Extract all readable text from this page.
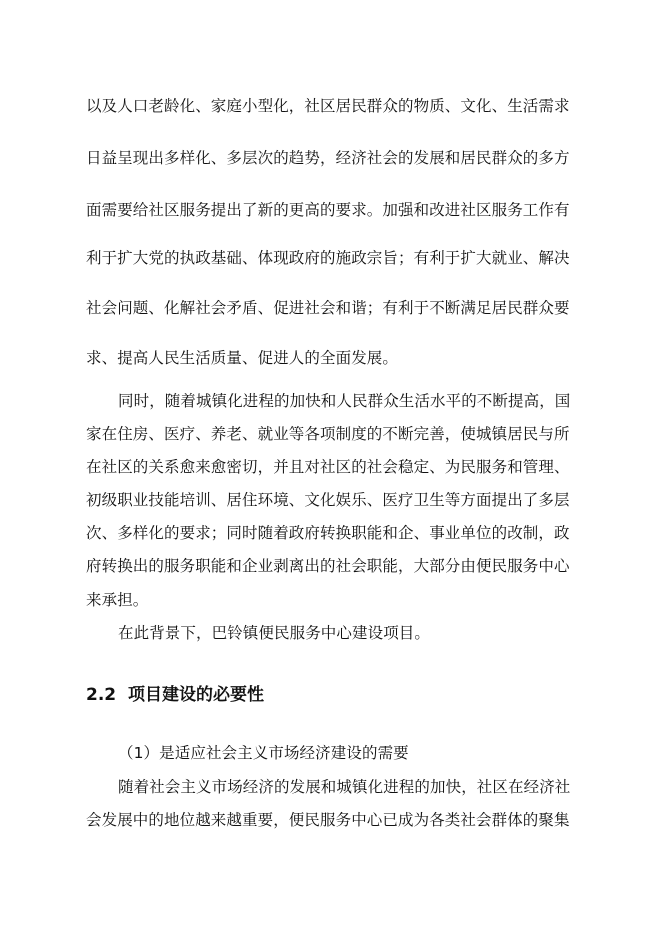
以及人口老龄化、家庭小型化，社区居民群众的物质、文化、生活需求
日益呈现出多样化、多层次的趋势，经济社会的发展和居民群众的多方
面需要给社区服务提出了新的更高的要求。加强和改进社区服务工作有
利于扩大党的执政基础、体现政府的施政宗旨；有利于扩大就业、解决
社会问题、化解社会矛盾、促进社会和谐；有利于不断满足居民群众要
求、提高人民生活质量、促进人的全面发展。
同时，随着城镇化进程的加快和人民群众生活水平的不断提高，国
家在住房、医疗、养老、就业等各项制度的不断完善，使城镇居民与所
在社区的关系愈来愈密切，并且对社区的社会稳定、为民服务和管理、
初级职业技能培训、居住环境、文化娱乐、医疗卫生等方面提出了多层
次、多样化的要求；同时随着政府转换职能和企、事业单位的改制，政
府转换出的服务职能和企业剥离出的社会职能，大部分由便民服务中心
来承担。
在此背景下，巴铃镇便民服务中心建设项目。
2.2 项目建设的必要性
（1）是适应社会主义市场经济建设的需要
随着社会主义市场经济的发展和城镇化进程的加快，社区在经济社
会发展中的地位越来越重要，便民服务中心已成为各类社会群体的聚集
